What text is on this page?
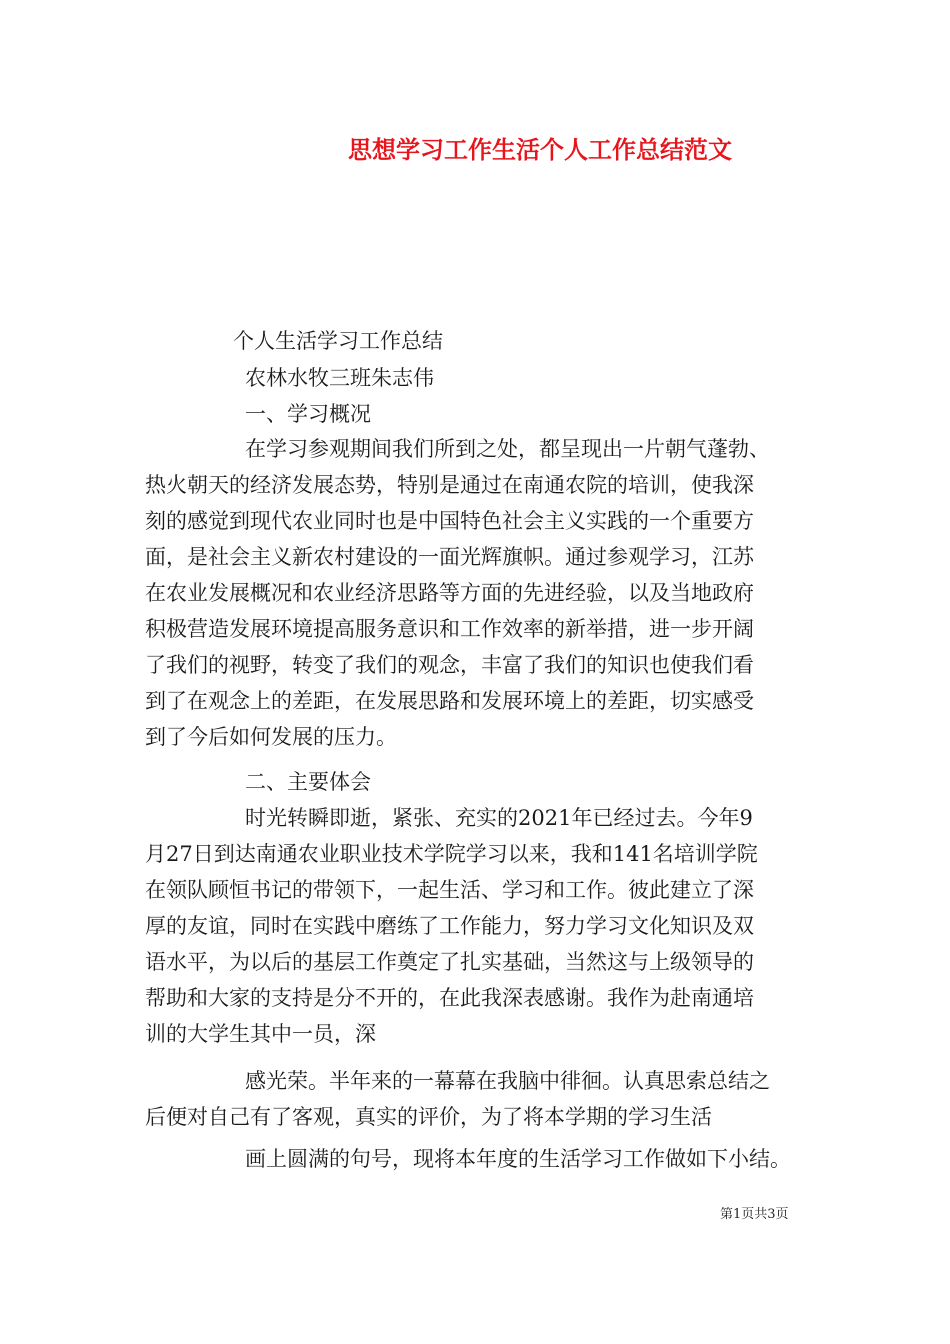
思想学习工作生活个人工作总结范文
个人生活学习工作总结
农林水牧三班朱志伟
一、学习概况
在学习参观期间我们所到之处，都呈现出一片朝气蓬勃、
热火朝天的经济发展态势，特别是通过在南通农院的培训，使我深
刻的感觉到现代农业同时也是中国特色社会主义实践的一个重要方
面，是社会主义新农村建设的一面光辉旗帜。通过参观学习，江苏
在农业发展概况和农业经济思路等方面的先进经验，以及当地政府
积极营造发展环境提高服务意识和工作效率的新举措，进一步开阔
了我们的视野，转变了我们的观念，丰富了我们的知识也使我们看
到了在观念上的差距，在发展思路和发展环境上的差距，切实感受
到了今后如何发展的压力。
二、主要体会
时光转瞬即逝，紧张、充实的2021年已经过去。今年9
月27日到达南通农业职业技术学院学习以来，我和141名培训学院
在领队顾恒书记的带领下，一起生活、学习和工作。彼此建立了深
厚的友谊，同时在实践中磨练了工作能力，努力学习文化知识及双
语水平，为以后的基层工作奠定了扎实基础，当然这与上级领导的
帮助和大家的支持是分不开的，在此我深表感谢。我作为赴南通培
训的大学生其中一员，深
感光荣。半年来的一幕幕在我脑中徘徊。认真思索总结之
后便对自己有了客观，真实的评价，为了将本学期的学习生活
画上圆满的句号，现将本年度的生活学习工作做如下小结。
第1页共3页
